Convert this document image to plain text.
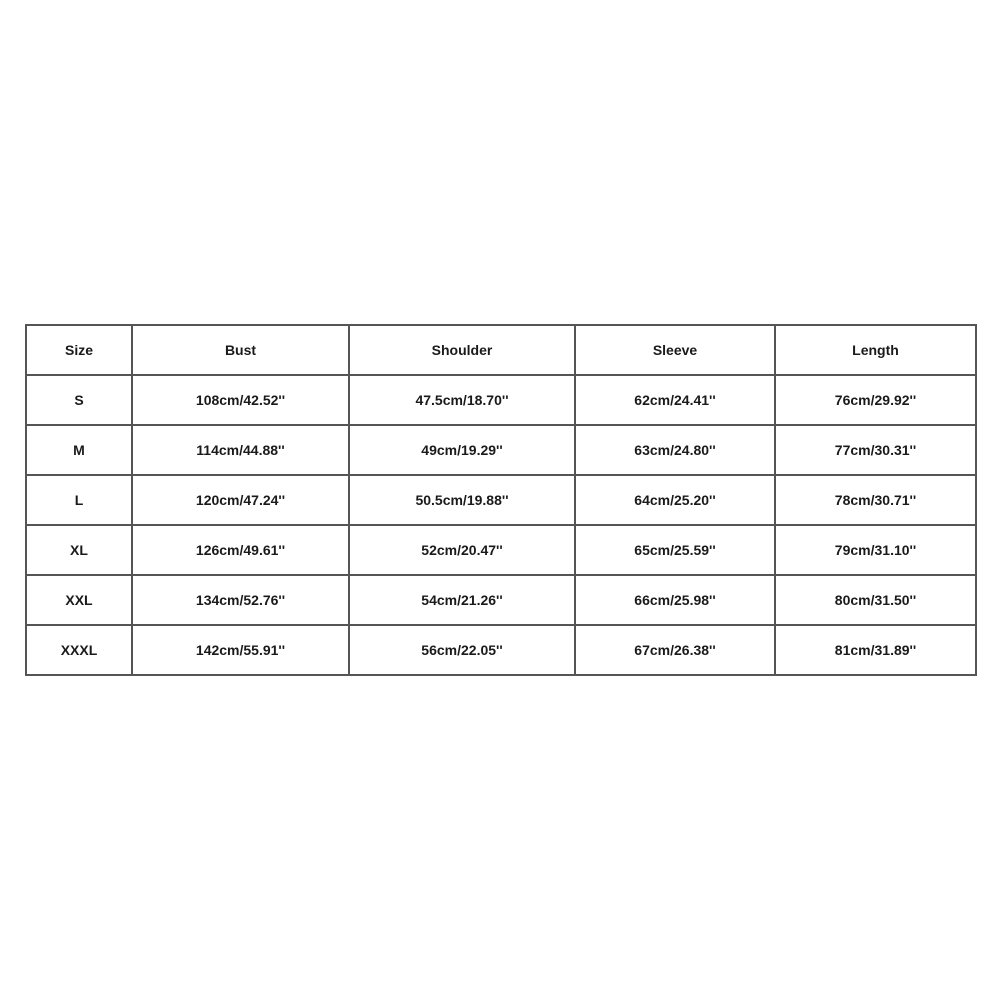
Size	Bust	Shoulder	Sleeve	Length
S	108cm/42.52''	47.5cm/18.70''	62cm/24.41''	76cm/29.92''
M	114cm/44.88''	49cm/19.29''	63cm/24.80''	77cm/30.31''
L	120cm/47.24''	50.5cm/19.88''	64cm/25.20''	78cm/30.71''
XL	126cm/49.61''	52cm/20.47''	65cm/25.59''	79cm/31.10''
XXL	134cm/52.76''	54cm/21.26''	66cm/25.98''	80cm/31.50''
XXXL	142cm/55.91''	56cm/22.05''	67cm/26.38''	81cm/31.89''
